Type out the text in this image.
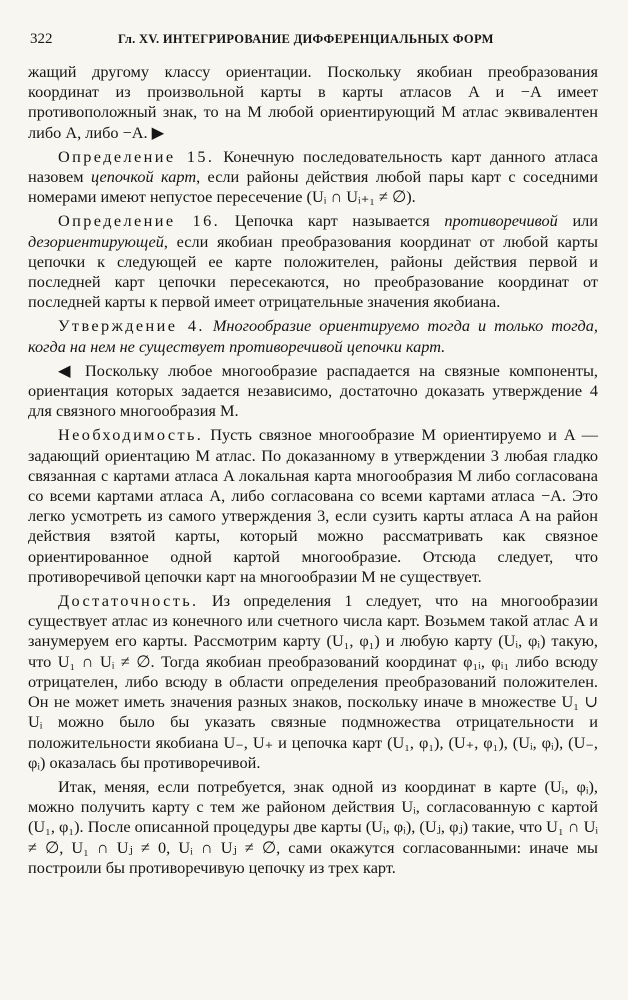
322	Гл. XV. ИНТЕГРИРОВАНИЕ ДИФФЕРЕНЦИАЛЬНЫХ ФОРМ

жащий другому классу ориентации. Поскольку якобиан преобразования координат из произвольной карты в карты атласов A и −A имеет противоположный знак, то на M любой ориентирующий M атлас эквивалентен либо A, либо −A. ▶

Определение 15. Конечную последовательность карт данного атласа назовем цепочкой карт, если районы действия любой пары карт с соседними номерами имеют непустое пересечение (Uᵢ ∩ Uᵢ₊₁ ≠ ∅).

Определение 16. Цепочка карт называется противоречивой или дезориентирующей, если якобиан преобразования координат от любой карты цепочки к следующей ее карте положителен, районы действия первой и последней карт цепочки пересекаются, но преобразование координат от последней карты к первой имеет отрицательные значения якобиана.

Утверждение 4. Многообразие ориентируемо тогда и только тогда, когда на нем не существует противоречивой цепочки карт.

◀ Поскольку любое многообразие распадается на связные компоненты, ориентация которых задается независимо, достаточно доказать утверждение 4 для связного многообразия M.

Необходимость. Пусть связное многообразие M ориентируемо и A — задающий ориентацию M атлас. По доказанному в утверждении 3 любая гладко связанная с картами атласа A локальная карта многообразия M либо согласована со всеми картами атласа A, либо согласована со всеми картами атласа −A. Это легко усмотреть из самого утверждения 3, если сузить карты атласа A на район действия взятой карты, который можно рассматривать как связное ориентированное одной картой многообразие. Отсюда следует, что противоречивой цепочки карт на многообразии M не существует.

Достаточность. Из определения 1 следует, что на многообразии существует атлас из конечного или счетного числа карт. Возьмем такой атлас A и занумеруем его карты. Рассмотрим карту (U₁, φ₁) и любую карту (Uᵢ, φᵢ) такую, что U₁ ∩ Uᵢ ≠ ∅. Тогда якобиан преобразований координат φ₁ᵢ, φᵢ₁ либо всюду отрицателен, либо всюду в области определения преобразований положителен. Он не может иметь значения разных знаков, поскольку иначе в множестве U₁ ∪ Uᵢ можно было бы указать связные подмножества отрицательности и положительности якобиана U₋, U₊ и цепочка карт (U₁, φ₁), (U₊, φ₁), (Uᵢ, φᵢ), (U₋, φᵢ) оказалась бы противоречивой.

Итак, меняя, если потребуется, знак одной из координат в карте (Uᵢ, φᵢ), можно получить карту с тем же районом действия Uᵢ, согласованную с картой (U₁, φ₁). После описанной процедуры две карты (Uᵢ, φᵢ), (Uⱼ, φⱼ) такие, что U₁ ∩ Uᵢ ≠ ∅, U₁ ∩ Uⱼ ≠ 0, Uᵢ ∩ Uⱼ ≠ ∅, сами окажутся согласованными: иначе мы построили бы противоречивую цепочку из трех карт.
